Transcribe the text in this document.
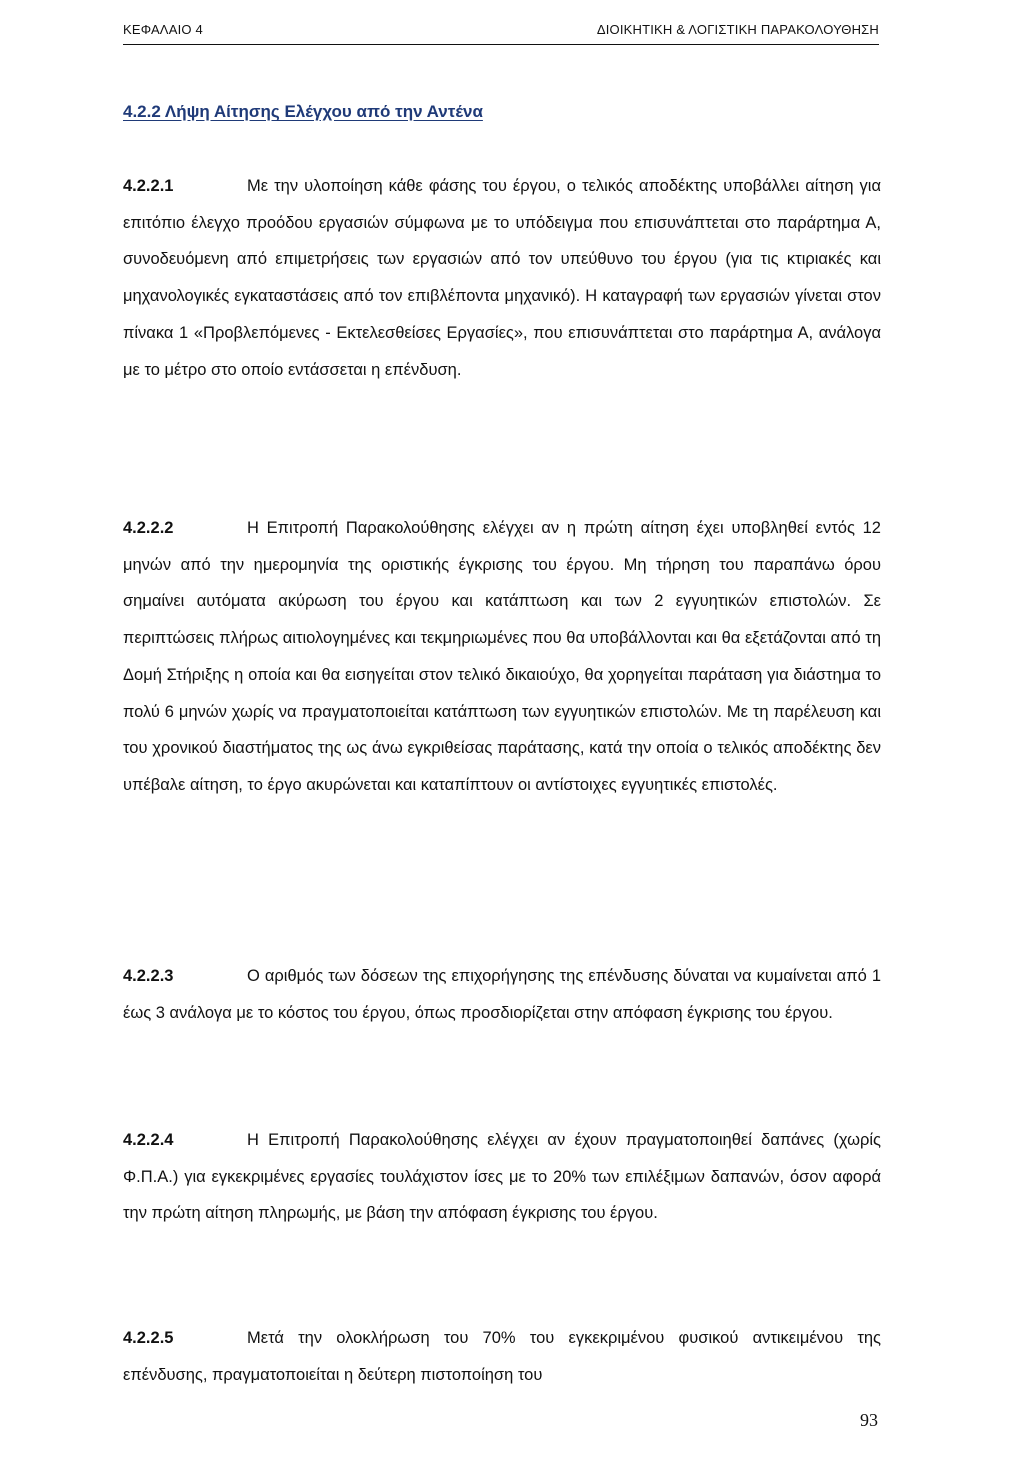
ΚΕΦΑΛΑΙΟ 4	ΔΙΟΙΚΗΤΙΚΗ & ΛΟΓΙΣΤΙΚΗ ΠΑΡΑΚΟΛΟΥΘΗΣΗ
4.2.2 Λήψη Αίτησης Ελέγχου από την Αντένα

4.2.2.1	Με την υλοποίηση κάθε φάσης του έργου, ο τελικός αποδέκτης υποβάλλει αίτηση για επιτόπιο έλεγχο προόδου εργασιών σύμφωνα με το υπόδειγμα που επισυνάπτεται στο παράρτημα Α, συνοδευόμενη από επιμετρήσεις των εργασιών από τον υπεύθυνο του έργου (για τις κτιριακές και μηχανολογικές εγκαταστάσεις από τον επιβλέποντα μηχανικό). Η καταγραφή των εργασιών γίνεται στον πίνακα 1 «Προβλεπόμενες - Εκτελεσθείσες Εργασίες», που επισυνάπτεται στο παράρτημα Α, ανάλογα με το μέτρο στο οποίο εντάσσεται η επένδυση.

4.2.2.2	Η Επιτροπή Παρακολούθησης ελέγχει αν η πρώτη αίτηση έχει υποβληθεί εντός 12 μηνών από την ημερομηνία της οριστικής έγκρισης του έργου. Μη τήρηση του παραπάνω όρου σημαίνει αυτόματα ακύρωση του έργου και κατάπτωση και των 2 εγγυητικών επιστολών. Σε περιπτώσεις πλήρως αιτιολογημένες και τεκμηριωμένες που θα υποβάλλονται και θα εξετάζονται από τη Δομή Στήριξης η οποία και θα εισηγείται στον τελικό δικαιούχο, θα χορηγείται παράταση για διάστημα το πολύ 6 μηνών χωρίς να πραγματοποιείται κατάπτωση των εγγυητικών επιστολών. Με τη παρέλευση και του χρονικού διαστήματος της ως άνω εγκριθείσας παράτασης, κατά την οποία ο τελικός αποδέκτης δεν υπέβαλε αίτηση, το έργο ακυρώνεται και καταπίπτουν οι αντίστοιχες εγγυητικές επιστολές.

4.2.2.3	Ο αριθμός των δόσεων της επιχορήγησης της επένδυσης δύναται να κυμαίνεται από 1 έως 3 ανάλογα με το κόστος του έργου, όπως προσδιορίζεται στην απόφαση έγκρισης του έργου.

4.2.2.4	Η Επιτροπή Παρακολούθησης ελέγχει αν έχουν πραγματοποιηθεί δαπάνες (χωρίς Φ.Π.Α.) για εγκεκριμένες εργασίες τουλάχιστον ίσες με το 20% των επιλέξιμων δαπανών, όσον αφορά την πρώτη αίτηση πληρωμής, με βάση την απόφαση έγκρισης του έργου.

4.2.2.5	Μετά την ολοκλήρωση του 70% του εγκεκριμένου φυσικού αντικειμένου της επένδυσης, πραγματοποιείται η δεύτερη πιστοποίηση του

93
